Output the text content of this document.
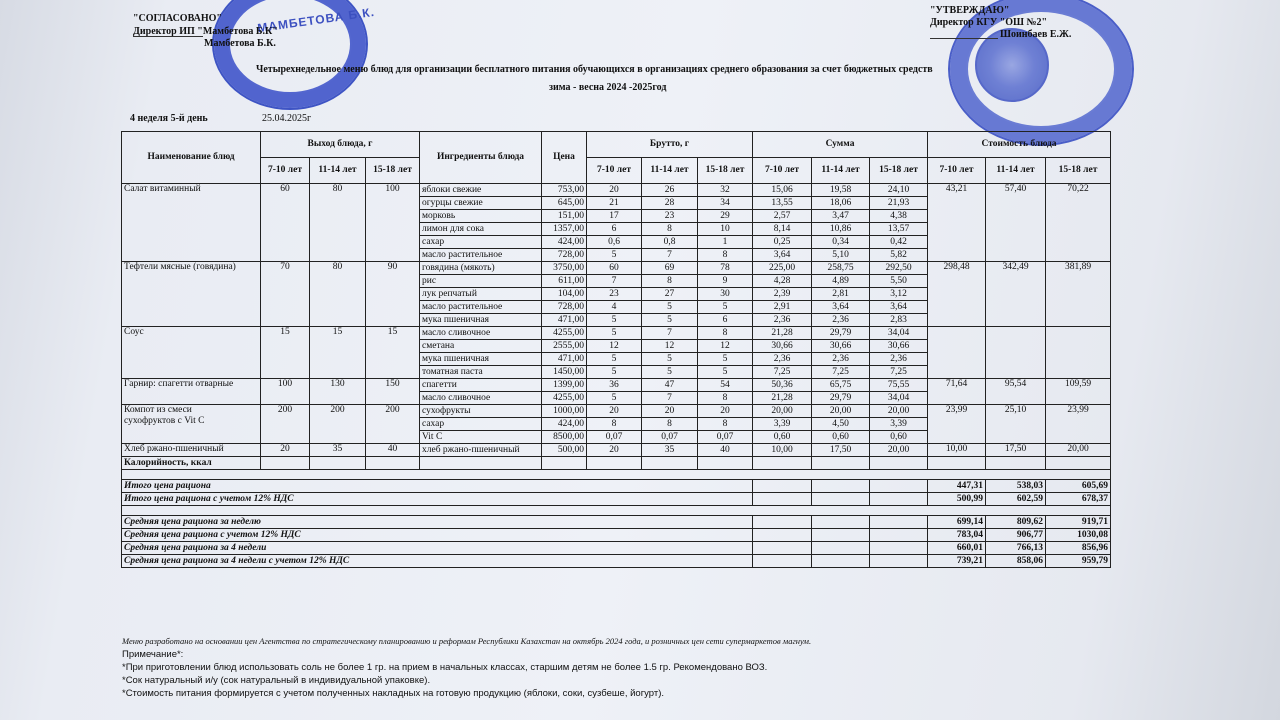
МАМБЕТОВА Б.К.
"СОГЛАСОВАНО"
Директор ИП "Мамбетова Б.К"
Мамбетова Б.К.
"УТВЕРЖДАЮ"
Директор КГУ "ОШ №2"
Шоинбаев Е.Ж.
Четырехнедельное меню блюд для организации бесплатного питания обучающихся в организациях среднего образования за счет бюджетных средств
зима - весна 2024 -2025год
4 неделя 5-й день	25.04.2025г
Наименование блюд	Выход блюда, г			Ингредиенты блюда	Цена	Брутто, г			Сумма			Стоимость блюда		
	7-10 лет	11-14 лет	15-18 лет			7-10 лет	11-14 лет	15-18 лет	7-10 лет	11-14 лет	15-18 лет	7-10 лет	11-14 лет	15-18 лет

Салат витаминный	60	80	100	яблоки свежие	753,00	20	26	32	15,06	19,58	24,10	43,21	57,40	70,22
				огурцы свежие	645,00	21	28	34	13,55	18,06	21,93			
				морковь	151,00	17	23	29	2,57	3,47	4,38			
				лимон для сока	1357,00	6	8	10	8,14	10,86	13,57			
				сахар	424,00	0,6	0,8	1	0,25	0,34	0,42			
				масло растительное	728,00	5	7	8	3,64	5,10	5,82			

Тефтели мясные (говядина)	70	80	90	говядина (мякоть)	3750,00	60	69	78	225,00	258,75	292,50	298,48	342,49	381,89
				рис	611,00	7	8	9	4,28	4,89	5,50			
				лук репчатый	104,00	23	27	30	2,39	2,81	3,12			
				масло растительное	728,00	4	5	5	2,91	3,64	3,64			
				мука пшеничная	471,00	5	5	6	2,36	2,36	2,83			

Соус	15	15	15	масло сливочное	4255,00	5	7	8	21,28	29,79	34,04			
				сметана	2555,00	12	12	12	30,66	30,66	30,66			
				мука пшеничная	471,00	5	5	5	2,36	2,36	2,36			
				томатная паста	1450,00	5	5	5	7,25	7,25	7,25			

Гарнир: спагетти отварные	100	130	150	спагетти	1399,00	36	47	54	50,36	65,75	75,55	71,64	95,54	109,59
				масло сливочное	4255,00	5	7	8	21,28	29,79	34,04			

Компот из смеси
сухофруктов с Vit C	200	200	200	сухофрукты	1000,00	20	20	20	20,00	20,00	20,00	23,99	25,10	23,99
				сахар	424,00	8	8	8	3,39	4,50	3,39			
				Vit C	8500,00	0,07	0,07	0,07	0,60	0,60	0,60			

Хлеб ржано-пшеничный	20	35	40	хлеб ржано-пшеничный	500,00	20	35	40	10,00	17,50	20,00	10,00	17,50	20,00
Калорийность, ккал														

Итого цена рациона												447,31	538,03	605,69
Итого цена рациона с учетом 12% НДС												500,99	602,59	678,37

Средняя цена рациона за неделю												699,14	809,62	919,71
Средняя цена рациона с учетом 12% НДС												783,04	906,77	1030,08
Средняя цена рациона за 4 недели												660,01	766,13	856,96
Средняя цена рациона за 4 недели с учетом 12% НДС												739,21	858,06	959,79
Меню разработано на основании цен Агентства по стратегическому планированию и реформам Республики Казахстан на октябрь 2024 года, и розничных цен сети супермаркетов магнум.
Примечание*:
*При приготовлении блюд использовать соль не более 1 гр. на прием в начальных классах, старшим детям не более 1.5 гр. Рекомендовано ВОЗ.
*Сок натуральный и/у (сок натуральный в индивидуальной упаковке).
*Стоимость питания формируется с учетом полученных накладных на готовую продукцию (яблоки, соки, сузбеше, йогурт).
